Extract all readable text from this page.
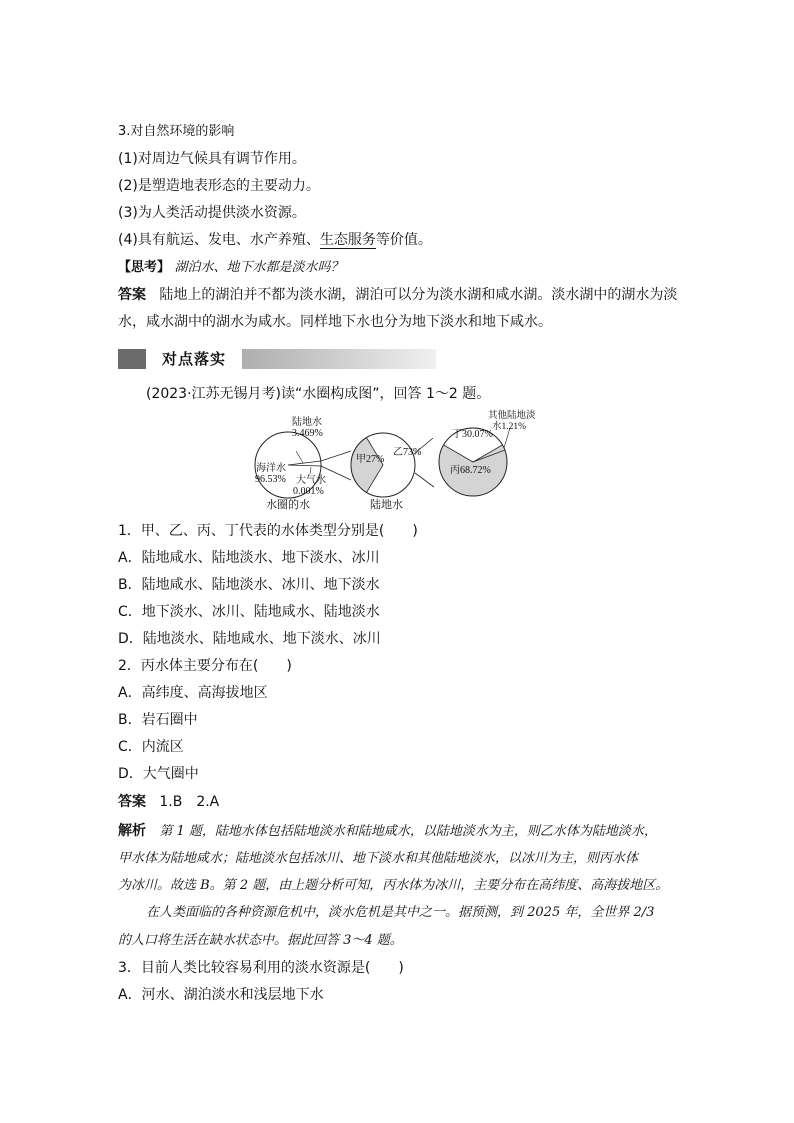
3.对自然环境的影响
(1)对周边气候具有调节作用。
(2)是塑造地表形态的主要动力。
(3)为人类活动提供淡水资源。
(4)具有航运、发电、水产养殖、生态服务等价值。
【思考】 湖泊水、地下水都是淡水吗？
答案 陆地上的湖泊并不都为淡水湖，湖泊可以分为淡水湖和咸水湖。淡水湖中的湖水为淡
水，咸水湖中的湖水为咸水。同样地下水也分为地下淡水和地下咸水。
对点落实
(2023·江苏无锡月考)读“水圈构成图”，回答 1～2 题。
陆地水
3.469%
海洋水
96.53% 大气水
0.001%
水圈的水
甲27%
乙73%
陆地水
丁30.07%
丙68.72%
其他陆地淡
水1.21%
1．甲、乙、丙、丁代表的水体类型分别是(　　)
A．陆地咸水、陆地淡水、地下淡水、冰川
B．陆地咸水、陆地淡水、冰川、地下淡水
C．地下淡水、冰川、陆地咸水、陆地淡水
D．陆地淡水、陆地咸水、地下淡水、冰川
2．丙水体主要分布在(　　)
A．高纬度、高海拔地区
B．岩石圈中
C．内流区
D．大气圈中
答案 1.B　2.A
解析 第 1 题，陆地水体包括陆地淡水和陆地咸水，以陆地淡水为主，则乙水体为陆地淡水，
甲水体为陆地咸水；陆地淡水包括冰川、地下淡水和其他陆地淡水，以冰川为主，则丙水体
为冰川。故选 B。第 2 题，由上题分析可知，丙水体为冰川，主要分布在高纬度、高海拔地区。
在人类面临的各种资源危机中，淡水危机是其中之一。据预测，到 2025 年，全世界 2/3
的人口将生活在缺水状态中。据此回答 3～4 题。
3．目前人类比较容易利用的淡水资源是(　　)
A．河水、湖泊淡水和浅层地下水
